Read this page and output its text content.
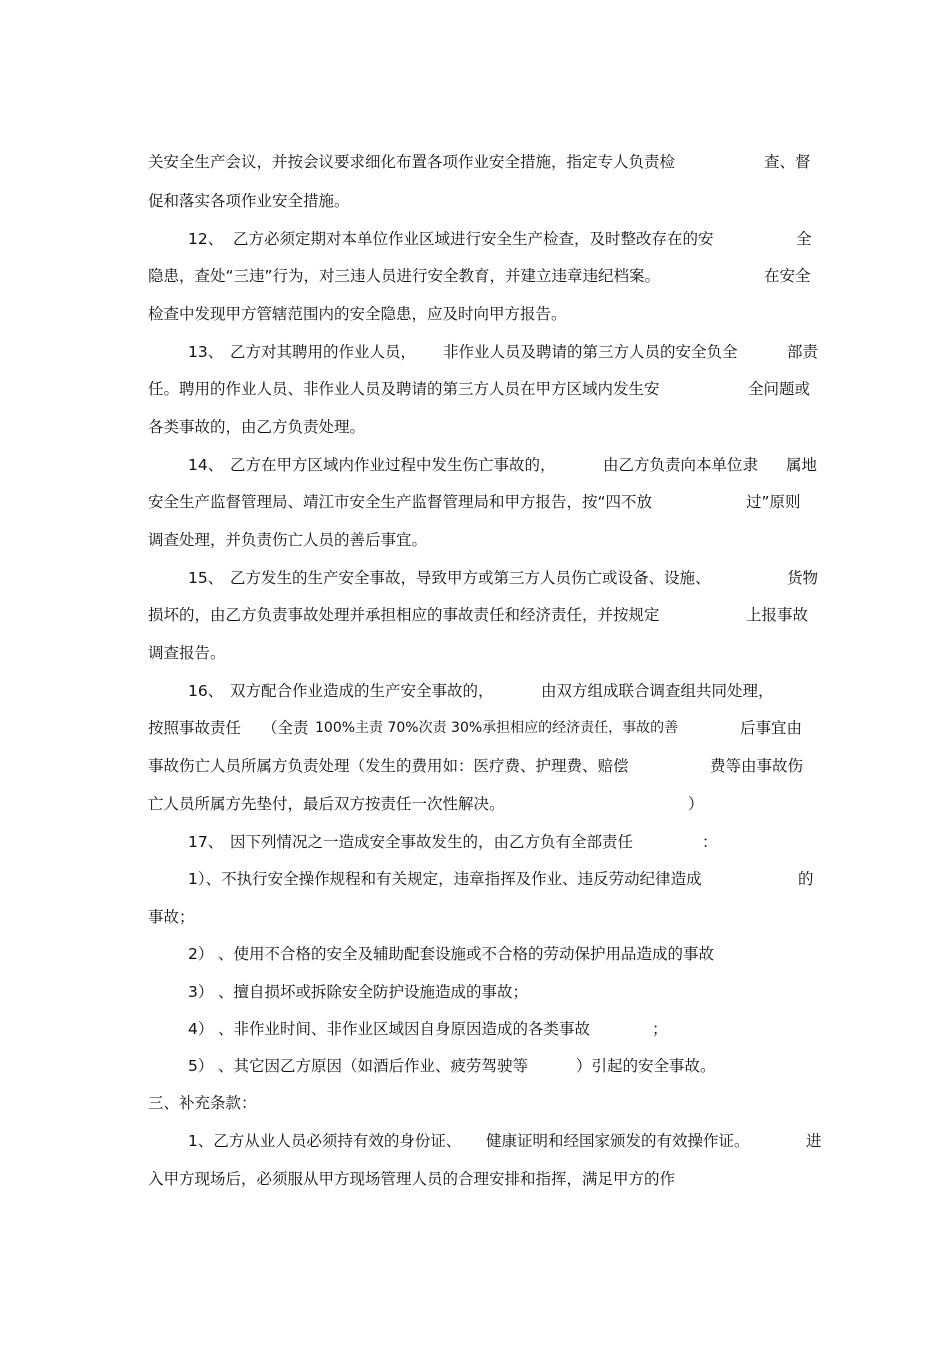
关安全生产会议，并按会议要求细化布置各项作业安全措施，指定专人负责检	查、督
促和落实各项作业安全措施。
12、 乙方必须定期对本单位作业区域进行安全生产检查，及时整改存在的安	全
隐患，查处“三违”行为，对三违人员进行安全教育，并建立违章违纪档案。	在安全
检查中发现甲方管辖范围内的安全隐患，应及时向甲方报告。
13、 乙方对其聘用的作业人员， 非作业人员及聘请的第三方人员的安全负全	部责
任。聘用的作业人员、非作业人员及聘请的第三方人员在甲方区域内发生安	全问题或
各类事故的，由乙方负责处理。
14、 乙方在甲方区域内作业过程中发生伤亡事故的，	由乙方负责向本单位隶 属地
安全生产监督管理局、靖江市安全生产监督管理局和甲方报告，按“四不放	过”原则
调查处理，并负责伤亡人员的善后事宜。
15、 乙方发生的生产安全事故，导致甲方或第三方人员伤亡或设备、设施、	货物
损坏的，由乙方负责事故处理并承担相应的事故责任和经济责任，并按规定	上报事故
调查报告。
16、 双方配合作业造成的生产安全事故的，	由双方组成联合调查组共同处理，
按照事故责任 （全责 100%主责 70%次责 30%承担相应的经济责任，事故的善	后事宜由
事故伤亡人员所属方负责处理（发生的费用如：医疗费、护理费、赔偿	费等由事故伤
亡人员所属方先垫付，最后双方按责任一次性解决。	）
17、 因下列情况之一造成安全事故发生的，由乙方负有全部责任	：
1）、不执行安全操作规程和有关规定，违章指挥及作业、违反劳动纪律造成	的
事故；
2） 、使用不合格的安全及辅助配套设施或不合格的劳动保护用品造成的事故
3） 、擅自损坏或拆除安全防护设施造成的事故；
4） 、非作业时间、非作业区域因自身原因造成的各类事故	；
5） 、其它因乙方原因（如酒后作业、疲劳驾驶等	）引起的安全事故。
三、补充条款：
1、乙方从业人员必须持有效的身份证、 健康证明和经国家颁发的有效操作证。	进
入甲方现场后，必须服从甲方现场管理人员的合理安排和指挥，满足甲方的作
